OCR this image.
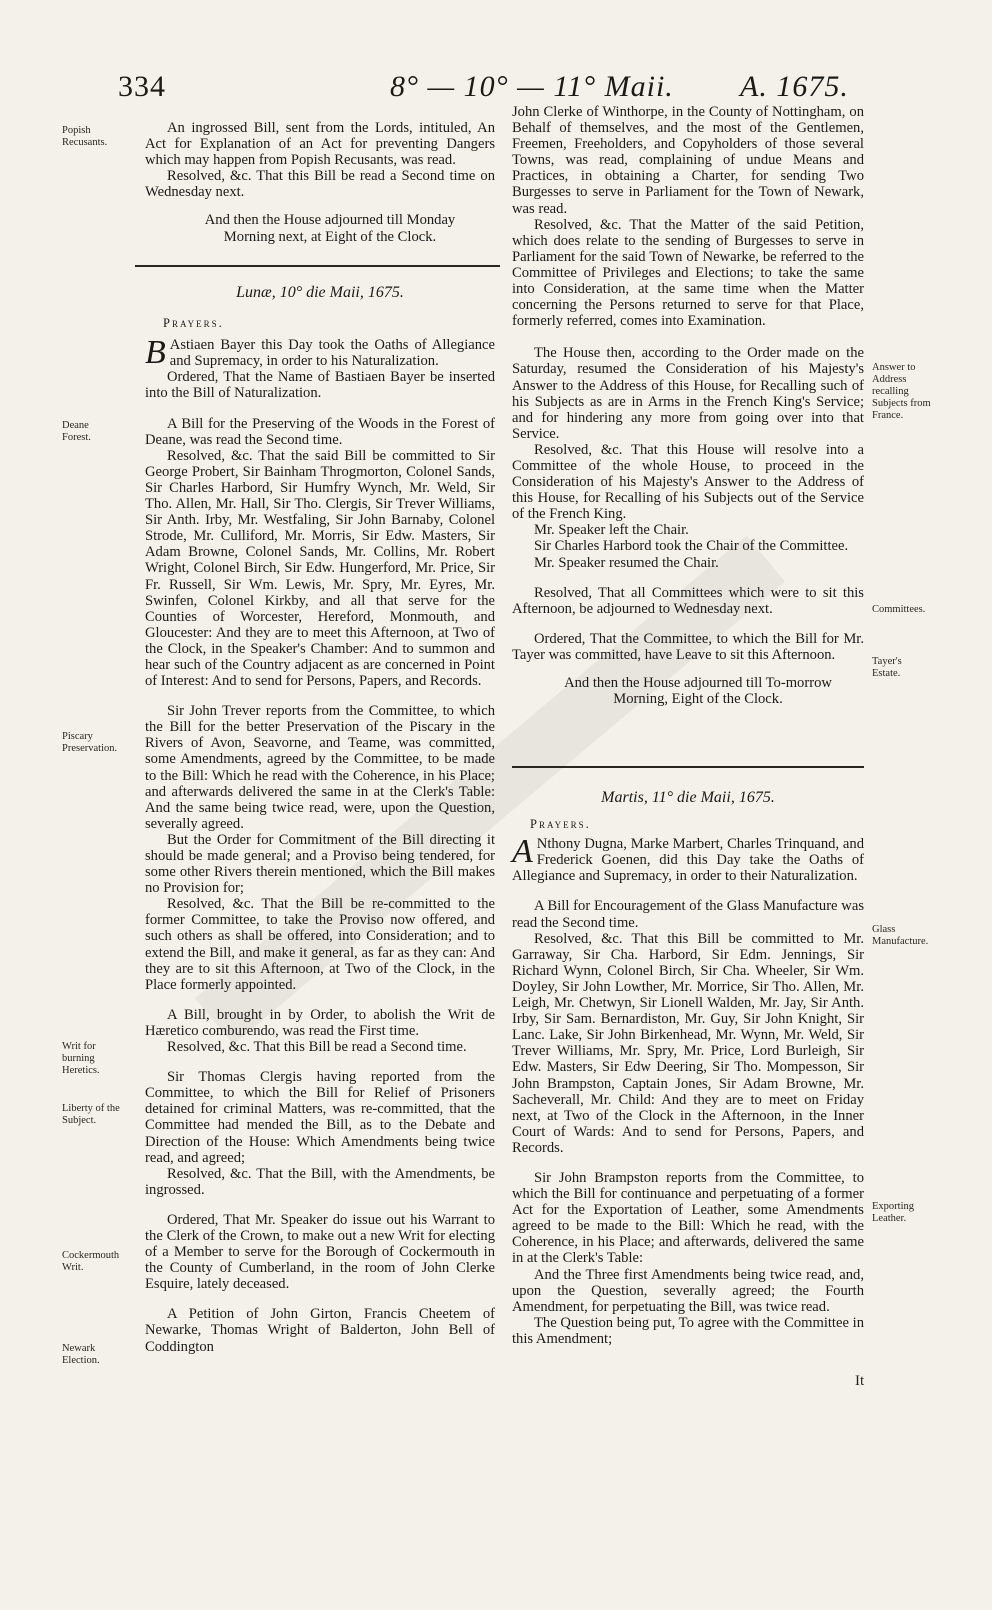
334	8° — 10° — 11° Maii. A. 1675.
Popish Recusants.
Deane Forest.
Piscary Preservation.
Writ for burning Heretics.
Liberty of the Subject.
Cockermouth Writ.
Newark Election.
Answer to Address recalling Subjects from France.
Committees.
Tayer's Estate.
Glass Manufacture.
Exporting Leather.

An ingrossed Bill, sent from the Lords, intituled, An Act for Explanation of an Act for preventing Dangers which may happen from Popish Recusants, was read.

Resolved, &c. That this Bill be read a Second time on Wednesday next.

And then the House adjourned till Monday Morning next, at Eight of the Clock.

Lunæ, 10° die Maii, 1675.

Prayers.

B Astiaen Bayer this Day took the Oaths of Allegiance and Supremacy, in order to his Naturalization.

Ordered, That the Name of Bastiaen Bayer be inserted into the Bill of Naturalization.

A Bill for the Preserving of the Woods in the Forest of Deane, was read the Second time.

Resolved, &c. That the said Bill be committed to Sir George Probert, Sir Bainham Throgmorton, Colonel Sands, Sir Charles Harbord, Sir Humfry Wynch, Mr. Weld, Sir Tho. Allen, Mr. Hall, Sir Tho. Clergis, Sir Trever Williams, Sir Anth. Irby, Mr. Westfaling, Sir John Barnaby, Colonel Strode, Mr. Culliford, Mr. Morris, Sir Edw. Masters, Sir Adam Browne, Colonel Sands, Mr. Collins, Mr. Robert Wright, Colonel Birch, Sir Edw. Hungerford, Mr. Price, Sir Fr. Russell, Sir Wm. Lewis, Mr. Spry, Mr. Eyres, Mr. Swinfen, Colonel Kirkby, and all that serve for the Counties of Worcester, Hereford, Monmouth, and Gloucester: And they are to meet this Afternoon, at Two of the Clock, in the Speaker's Chamber: And to summon and hear such of the Country adjacent as are concerned in Point of Interest: And to send for Persons, Papers, and Records.

Sir John Trever reports from the Committee, to which the Bill for the better Preservation of the Piscary in the Rivers of Avon, Seavorne, and Teame, was committed, some Amendments, agreed by the Committee, to be made to the Bill: Which he read with the Coherence, in his Place; and afterwards delivered the same in at the Clerk's Table: And the same being twice read, were, upon the Question, severally agreed.

But the Order for Commitment of the Bill directing it should be made general; and a Proviso being tendered, for some other Rivers therein mentioned, which the Bill makes no Provision for;

Resolved, &c. That the Bill be re-committed to the former Committee, to take the Proviso now offered, and such others as shall be offered, into Consideration; and to extend the Bill, and make it general, as far as they can: And they are to sit this Afternoon, at Two of the Clock, in the Place formerly appointed.

A Bill, brought in by Order, to abolish the Writ de Hæretico comburendo, was read the First time.

Resolved, &c. That this Bill be read a Second time.

Sir Thomas Clergis having reported from the Committee, to which the Bill for Relief of Prisoners detained for criminal Matters, was re-committed, that the Committee had mended the Bill, as to the Debate and Direction of the House: Which Amendments being twice read, and agreed;

Resolved, &c. That the Bill, with the Amendments, be ingrossed.

Ordered, That Mr. Speaker do issue out his Warrant to the Clerk of the Crown, to make out a new Writ for electing of a Member to serve for the Borough of Cockermouth in the County of Cumberland, in the room of John Clerke Esquire, lately deceased.

A Petition of John Girton, Francis Cheetem of Newarke, Thomas Wright of Balderton, John Bell of Coddington

John Clerke of Winthorpe, in the County of Nottingham, on Behalf of themselves, and the most of the Gentlemen, Freemen, Freeholders, and Copyholders of those several Towns, was read, complaining of undue Means and Practices, in obtaining a Charter, for sending Two Burgesses to serve in Parliament for the Town of Newark, was read.

Resolved, &c. That the Matter of the said Petition, which does relate to the sending of Burgesses to serve in Parliament for the said Town of Newarke, be referred to the Committee of Privileges and Elections; to take the same into Consideration, at the same time when the Matter concerning the Persons returned to serve for that Place, formerly referred, comes into Examination.

The House then, according to the Order made on the Saturday, resumed the Consideration of his Majesty's Answer to the Address of this House, for Recalling such of his Subjects as are in Arms in the French King's Service; and for hindering any more from going over into that Service.

Resolved, &c. That this House will resolve into a Committee of the whole House, to proceed in the Consideration of his Majesty's Answer to the Address of this House, for Recalling of his Subjects out of the Service of the French King.

Mr. Speaker left the Chair.

Sir Charles Harbord took the Chair of the Committee.

Mr. Speaker resumed the Chair.

Resolved, That all Committees which were to sit this Afternoon, be adjourned to Wednesday next.

Ordered, That the Committee, to which the Bill for Mr. Tayer was committed, have Leave to sit this Afternoon.

And then the House adjourned till To-morrow Morning, Eight of the Clock.

Martis, 11° die Maii, 1675.

Prayers.

A Nthony Dugna, Marke Marbert, Charles Trinquand, and Frederick Goenen, did this Day take the Oaths of Allegiance and Supremacy, in order to their Naturalization.

A Bill for Encouragement of the Glass Manufacture was read the Second time.

Resolved, &c. That this Bill be committed to Mr. Garraway, Sir Cha. Harbord, Sir Edm. Jennings, Sir Richard Wynn, Colonel Birch, Sir Cha. Wheeler, Sir Wm. Doyley, Sir John Lowther, Mr. Morrice, Sir Tho. Allen, Mr. Leigh, Mr. Chetwyn, Sir Lionell Walden, Mr. Jay, Sir Anth. Irby, Sir Sam. Bernardiston, Mr. Guy, Sir John Knight, Sir Lanc. Lake, Sir John Birkenhead, Mr. Wynn, Mr. Weld, Sir Trever Williams, Mr. Spry, Mr. Price, Lord Burleigh, Sir Edw. Masters, Sir Edw Deering, Sir Tho. Mompesson, Sir John Brampston, Captain Jones, Sir Adam Browne, Mr. Sacheverall, Mr. Child: And they are to meet on Friday next, at Two of the Clock in the Afternoon, in the Inner Court of Wards: And to send for Persons, Papers, and Records.

Sir John Brampston reports from the Committee, to which the Bill for continuance and perpetuating of a former Act for the Exportation of Leather, some Amendments agreed to be made to the Bill: Which he read, with the Coherence, in his Place; and afterwards, delivered the same in at the Clerk's Table:

And the Three first Amendments being twice read, and, upon the Question, severally agreed; the Fourth Amendment, for perpetuating the Bill, was twice read.

The Question being put, To agree with the Committee in this Amendment;

It
